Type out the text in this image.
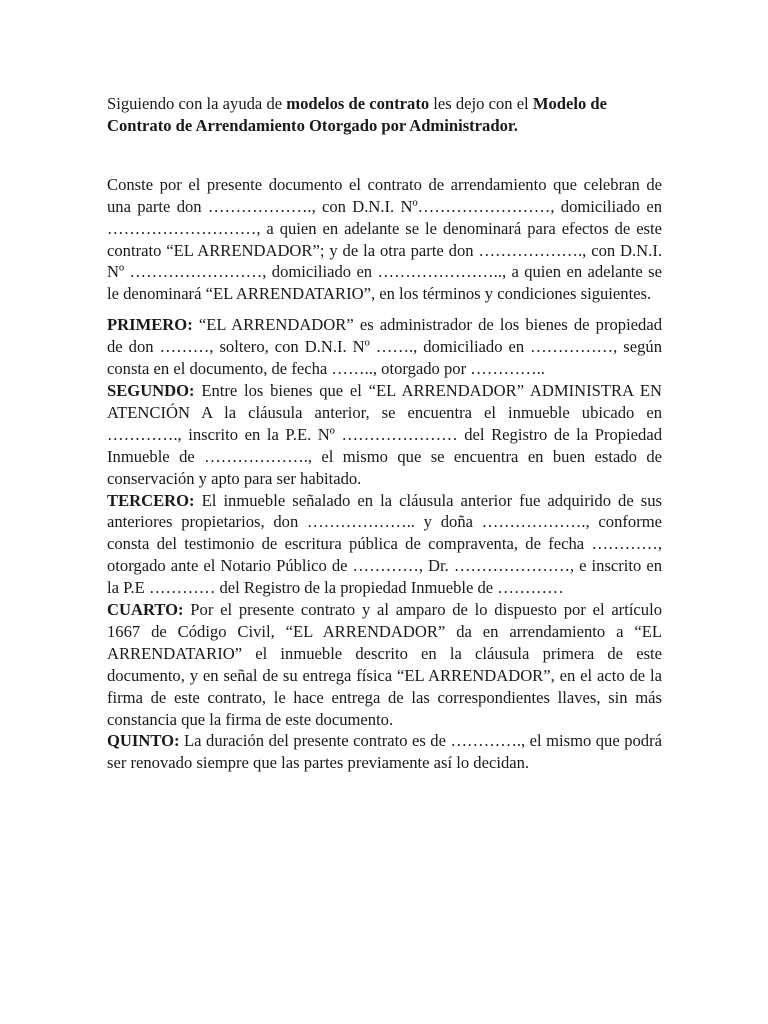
Siguiendo con la ayuda de modelos de contrato les dejo con el Modelo de Contrato de Arrendamiento Otorgado por Administrador.

Conste por el presente documento el contrato de arrendamiento que celebran de una parte don ………………., con D.N.I. Nº……………………, domiciliado en ………………………, a quien en adelante se le denominará para efectos de este contrato “EL ARRENDADOR”; y de la otra parte don ………………., con D.N.I. Nº ……………………, domiciliado en ………………….., a quien en adelante se le denominará “EL ARRENDATARIO”, en los términos y condiciones siguientes.

PRIMERO: “EL ARRENDADOR” es administrador de los bienes de propiedad de don ………, soltero, con D.N.I. Nº ……., domiciliado en ……………, según consta en el documento, de fecha …….., otorgado por …………..

SEGUNDO: Entre los bienes que el “EL ARRENDADOR” ADMINISTRA EN ATENCIÓN A la cláusula anterior, se encuentra el inmueble ubicado en …………., inscrito en la P.E. Nº ………………… del Registro de la Propiedad Inmueble de ………………., el mismo que se encuentra en buen estado de conservación y apto para ser habitado.

TERCERO: El inmueble señalado en la cláusula anterior fue adquirido de sus anteriores propietarios, don ……………….. y doña ………………., conforme consta del testimonio de escritura pública de compraventa, de fecha …………, otorgado ante el Notario Público de …………, Dr. …………………, e inscrito en la P.E ………… del Registro de la propiedad Inmueble de …………

CUARTO: Por el presente contrato y al amparo de lo dispuesto por el artículo 1667 de Código Civil, “EL ARRENDADOR” da en arrendamiento a “EL ARRENDATARIO” el inmueble descrito en la cláusula primera de este documento, y en señal de su entrega física “EL ARRENDADOR”, en el acto de la firma de este contrato, le hace entrega de las correspondientes llaves, sin más constancia que la firma de este documento.

QUINTO: La duración del presente contrato es de …………., el mismo que podrá ser renovado siempre que las partes previamente así lo decidan.
